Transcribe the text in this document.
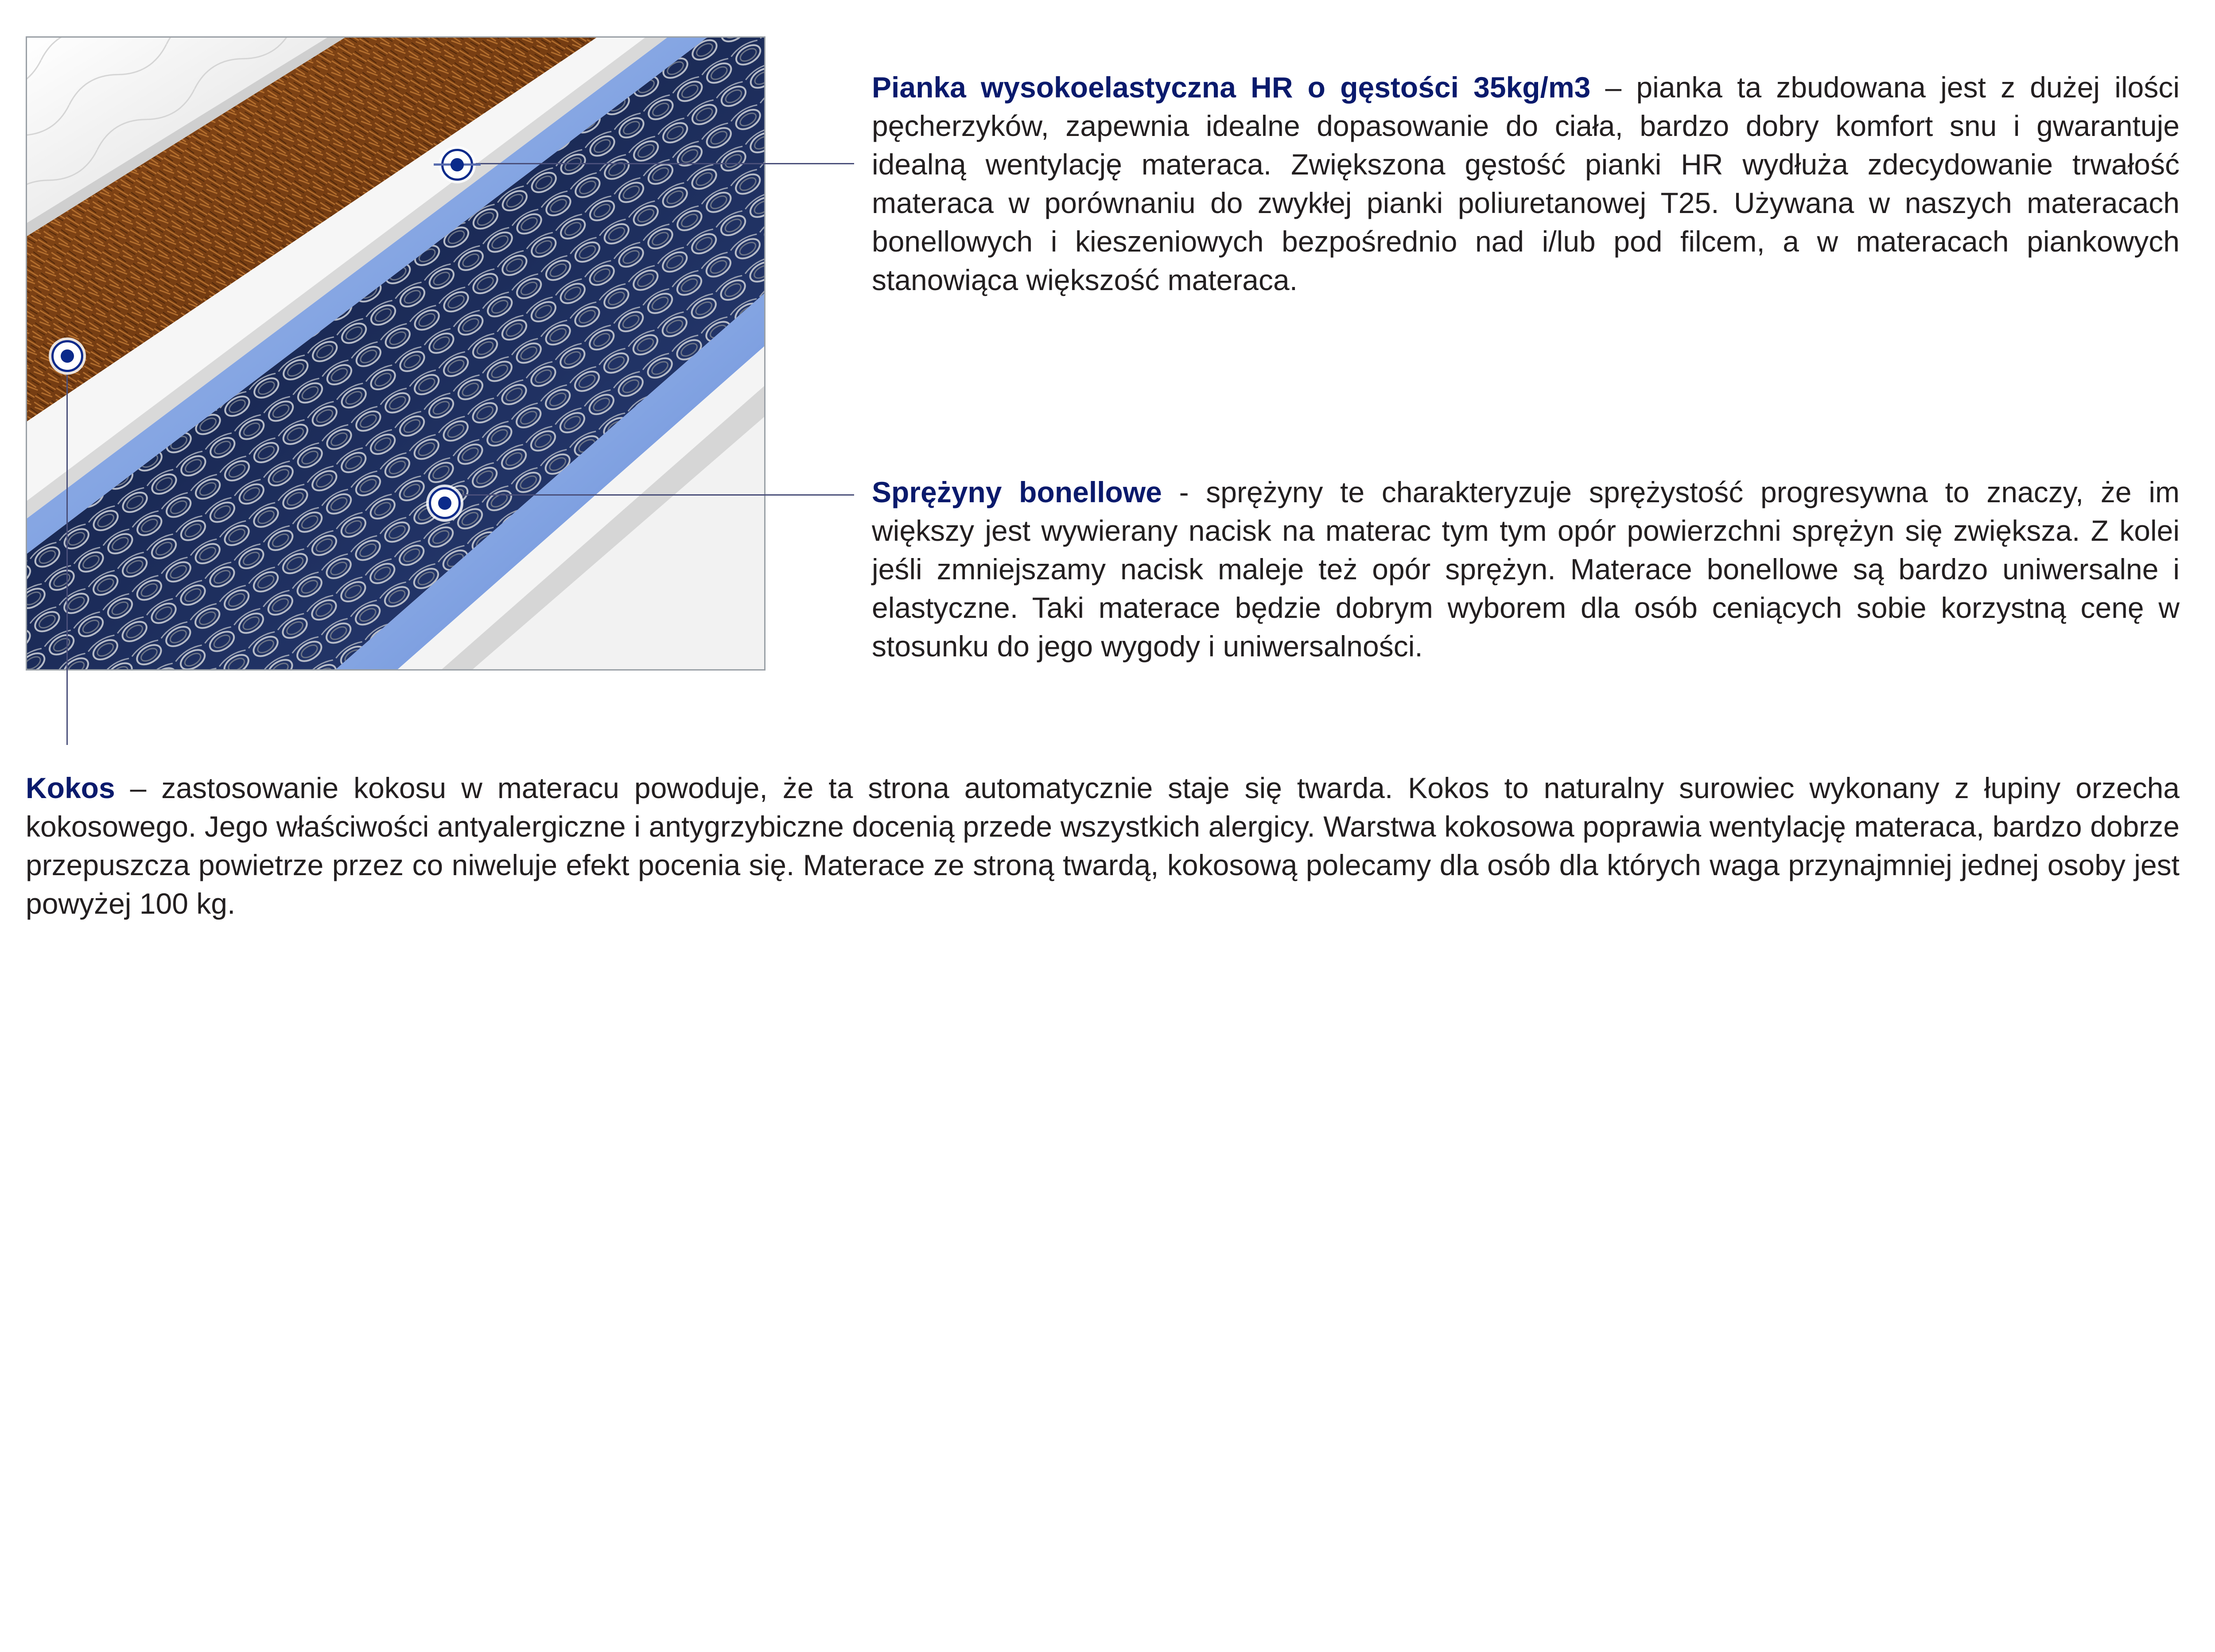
Pianka wysokoelastyczna HR o gęstości 35kg/m3 – pianka ta zbudowana jest z dużej ilości pęcherzyków, zapewnia idealne dopasowanie do ciała, bardzo dobry komfort snu i gwarantuje idealną wentylację materaca. Zwiększona gęstość pianki HR wydłuża zdecydowanie trwałość materaca w porównaniu do zwykłej pianki poliuretanowej T25. Używana w naszych materacach bonellowych i kieszeniowych bezpośrednio nad i/lub pod filcem, a w materacach piankowych stanowiąca większość materaca.

Sprężyny bonellowe - sprężyny te charakteryzuje sprężystość progresywna to znaczy, że im większy jest wywierany nacisk na materac tym tym opór powierzchni sprężyn się zwiększa. Z kolei jeśli zmniejszamy nacisk maleje też opór sprężyn. Materace bonellowe są bardzo uniwersalne i elastyczne. Taki materace będzie dobrym wyborem dla osób ceniących sobie korzystną cenę w stosunku do jego wygody i uniwersalności.

Kokos – zastosowanie kokosu w materacu powoduje, że ta strona automatycznie staje się twarda. Kokos to naturalny surowiec wykonany z łupiny orzecha kokosowego. Jego właściwości antyalergiczne i antygrzybiczne docenią przede wszystkich alergicy. Warstwa kokosowa poprawia wentylację materaca, bardzo dobrze przepuszcza powietrze przez co niweluje efekt pocenia się. Materace ze stroną twardą, kokosową polecamy dla osób dla których waga przynajmniej jednej osoby jest powyżej 100 kg.
